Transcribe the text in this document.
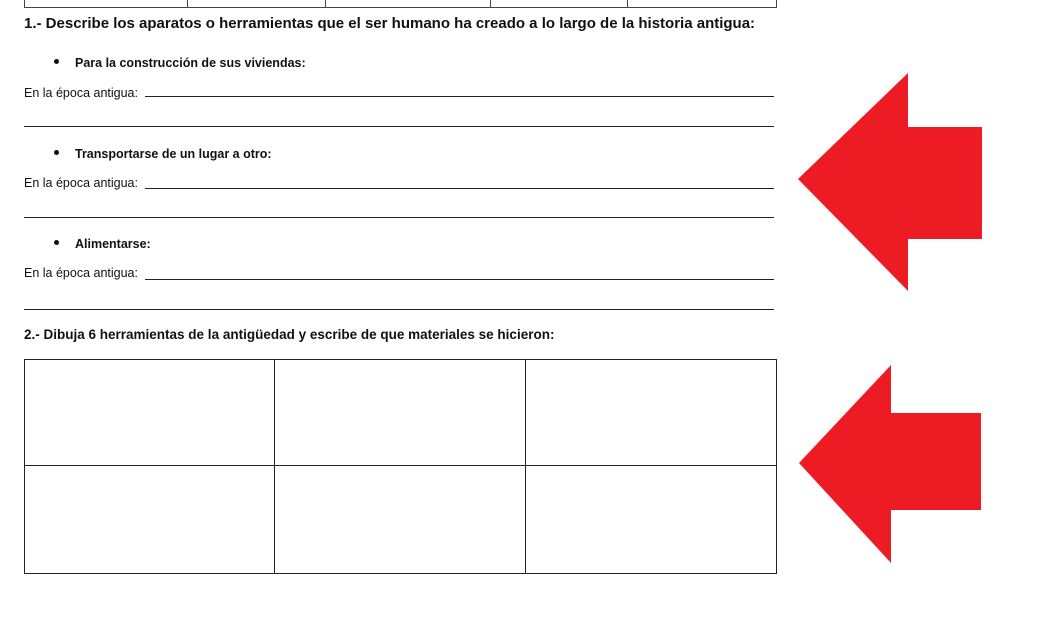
1.- Describe los aparatos o herramientas que el ser humano ha creado a lo largo de la historia antigua:
Para la construcción de sus viviendas:
En la época antigua:
Transportarse de un lugar a otro:
En la época antigua:
Alimentarse:
En la época antigua:
2.- Dibuja 6 herramientas de la antigüedad y escribe de que materiales se hicieron:
